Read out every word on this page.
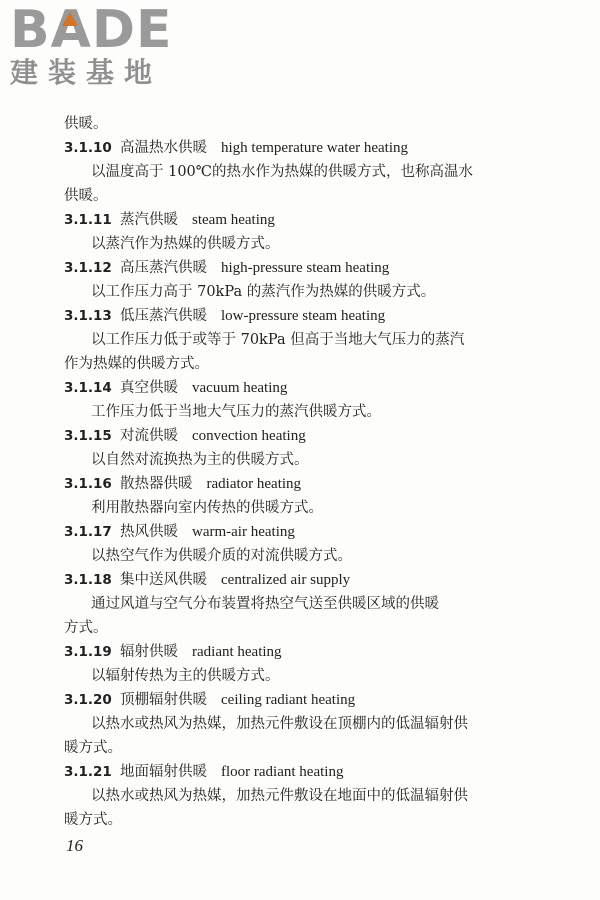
BADE
建装基地
供暖。
3.1.10 高温热水供暖 high temperature water heating
以温度高于 100℃的热水作为热媒的供暖方式，也称高温水
供暖。
3.1.11 蒸汽供暖 steam heating
以蒸汽作为热媒的供暖方式。
3.1.12 高压蒸汽供暖 high-pressure steam heating
以工作压力高于 70kPa 的蒸汽作为热媒的供暖方式。
3.1.13 低压蒸汽供暖 low-pressure steam heating
以工作压力低于或等于 70kPa 但高于当地大气压力的蒸汽
作为热媒的供暖方式。
3.1.14 真空供暖 vacuum heating
工作压力低于当地大气压力的蒸汽供暖方式。
3.1.15 对流供暖 convection heating
以自然对流换热为主的供暖方式。
3.1.16 散热器供暖 radiator heating
利用散热器向室内传热的供暖方式。
3.1.17 热风供暖 warm-air heating
以热空气作为供暖介质的对流供暖方式。
3.1.18 集中送风供暖 centralized air supply
通过风道与空气分布装置将热空气送至供暖区域的供暖
方式。
3.1.19 辐射供暖 radiant heating
以辐射传热为主的供暖方式。
3.1.20 顶棚辐射供暖 ceiling radiant heating
以热水或热风为热媒，加热元件敷设在顶棚内的低温辐射供
暖方式。
3.1.21 地面辐射供暖 floor radiant heating
以热水或热风为热媒，加热元件敷设在地面中的低温辐射供
暖方式。
16
